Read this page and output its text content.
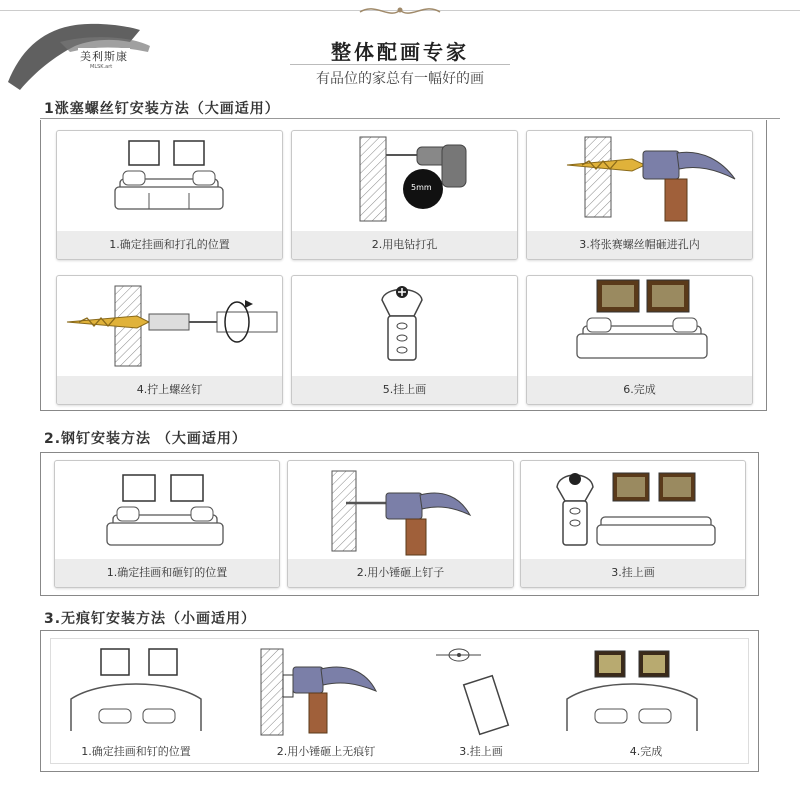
美利斯康
MLSK.art
整体配画专家
有品位的家总有一幅好的画
1涨塞螺丝钉安装方法（大画适用）
1.确定挂画和打孔的位置
5mm
2.用电钻打孔	3.将张赛螺丝帽砸进孔内
4.拧上螺丝钉	5.挂上画	6.完成
2.钢钉安装方法 （大画适用）
1.确定挂画和砸钉的位置	2.用小锤砸上钉子	3.挂上画
3.无痕钉安装方法（小画适用）
1.确定挂画和钉的位置	2.用小锤砸上无痕钉	3.挂上画	4.完成
